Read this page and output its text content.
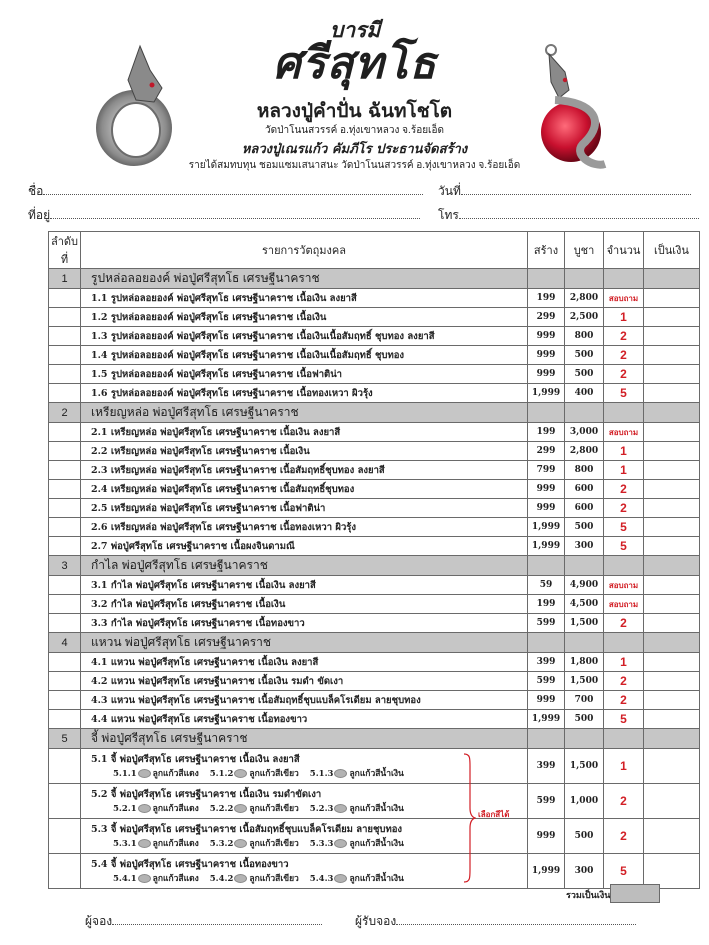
บารมี
ศรีสุทโธ
หลวงปู่คำปั่น ฉันทโชโต
วัดป่าโนนสวรรค์ อ.ทุ่งเขาหลวง จ.ร้อยเอ็ด
หลวงปู่เณรแก้ว คัมภีโร ประธานจัดสร้าง
รายได้สมทบทุน ชอมแซมเสนาสนะ วัดป่าโนนสวรรค์ อ.ทุ่งเขาหลวง จ.ร้อยเอ็ด
ชื่อ	วันที่
ที่อยู่	โทร
ลำดับที่	รายการวัตถุมงคล	สร้าง	บูชา	จำนวน	เป็นเงิน
1	รูปหล่อลอยองค์ พ่อปู่ศรีสุทโธ เศรษฐีนาคราช				
	1.1 รูปหล่อลอยองค์ พ่อปู่ศรีสุทโธ เศรษฐีนาคราช เนื้อเงิน ลงยาสี	199	2,800	สอบถาม	
	1.2 รูปหล่อลอยองค์ พ่อปู่ศรีสุทโธ เศรษฐีนาคราช เนื้อเงิน	299	2,500	1	
	1.3 รูปหล่อลอยองค์ พ่อปู่ศรีสุทโธ เศรษฐีนาคราช เนื้อเงินเนื้อสัมฤทธิ์ ชุบทอง ลงยาสี	999	800	2	
	1.4 รูปหล่อลอยองค์ พ่อปู่ศรีสุทโธ เศรษฐีนาคราช เนื้อเงินเนื้อสัมฤทธิ์ ชุบทอง	999	500	2	
	1.5 รูปหล่อลอยองค์ พ่อปู่ศรีสุทโธ เศรษฐีนาคราช เนื้อฟาติน่า	999	500	2	
	1.6 รูปหล่อลอยองค์ พ่อปู่ศรีสุทโธ เศรษฐีนาคราช เนื้อทองเหวา ผิวรุ้ง	1,999	400	5	
2	เหรียญหล่อ พ่อปู่ศรีสุทโธ เศรษฐีนาคราช				
	2.1 เหรียญหล่อ พ่อปู่ศรีสุทโธ เศรษฐีนาคราช เนื้อเงิน ลงยาสี	199	3,000	สอบถาม	
	2.2 เหรียญหล่อ พ่อปู่ศรีสุทโธ เศรษฐีนาคราช เนื้อเงิน	299	2,800	1	
	2.3 เหรียญหล่อ พ่อปู่ศรีสุทโธ เศรษฐีนาคราช เนื้อสัมฤทธิ์ชุบทอง ลงยาสี	799	800	1	
	2.4 เหรียญหล่อ พ่อปู่ศรีสุทโธ เศรษฐีนาคราช เนื้อสัมฤทธิ์ชุบทอง	999	600	2	
	2.5 เหรียญหล่อ พ่อปู่ศรีสุทโธ เศรษฐีนาคราช เนื้อฟาติน่า	999	600	2	
	2.6 เหรียญหล่อ พ่อปู่ศรีสุทโธ เศรษฐีนาคราช เนื้อทองเหวา ผิวรุ้ง	1,999	500	5	
	2.7 พ่อปู่ศรีสุทโธ เศรษฐีนาคราช เนื้อผงจินดามณี	1,999	300	5	
3	กำไล พ่อปู่ศรีสุทโธ เศรษฐีนาคราช				
	3.1 กำไล พ่อปู่ศรีสุทโธ เศรษฐีนาคราช เนื้อเงิน ลงยาสี	59	4,900	สอบถาม	
	3.2 กำไล พ่อปู่ศรีสุทโธ เศรษฐีนาคราช เนื้อเงิน	199	4,500	สอบถาม	
	3.3 กำไล พ่อปู่ศรีสุทโธ เศรษฐีนาคราช เนื้อทองขาว	599	1,500	2	
4	แหวน พ่อปู่ศรีสุทโธ เศรษฐีนาคราช				
	4.1 แหวน พ่อปู่ศรีสุทโธ เศรษฐีนาคราช เนื้อเงิน ลงยาสี	399	1,800	1	
	4.2 แหวน พ่อปู่ศรีสุทโธ เศรษฐีนาคราช เนื้อเงิน รมดำ ขัดเงา	599	1,500	2	
	4.3 แหวน พ่อปู่ศรีสุทโธ เศรษฐีนาคราช เนื้อสัมฤทธิ์ชุบแบล็คโรเดียม ลายชุบทอง	999	700	2	
	4.4 แหวน พ่อปู่ศรีสุทโธ เศรษฐีนาคราช เนื้อทองขาว	1,999	500	5	
5	จี้ พ่อปู่ศรีสุทโธ เศรษฐีนาคราช				
	5.1 จี้ พ่อปู่ศรีสุทโธ เศรษฐีนาคราช เนื้อเงิน ลงยาสี
5.1.1 ลูกแก้วสีแดง 5.1.2 ลูกแก้วสีเขียว 5.1.3 ลูกแก้วสีน้ำเงิน	399	1,500	1	
	5.2 จี้ พ่อปู่ศรีสุทโธ เศรษฐีนาคราช เนื้อเงิน รมดำขัดเงา
5.2.1 ลูกแก้วสีแดง 5.2.2 ลูกแก้วสีเขียว 5.2.3 ลูกแก้วสีน้ำเงิน	599	1,000	2	
	5.3 จี้ พ่อปู่ศรีสุทโธ เศรษฐีนาคราช เนื้อสัมฤทธิ์ชุบแบล็คโรเดียม ลายชุบทอง
5.3.1 ลูกแก้วสีแดง 5.3.2 ลูกแก้วสีเขียว 5.3.3 ลูกแก้วสีน้ำเงิน	999	500	2	
	5.4 จี้ พ่อปู่ศรีสุทโธ เศรษฐีนาคราช เนื้อทองขาว
5.4.1 ลูกแก้วสีแดง 5.4.2 ลูกแก้วสีเขียว 5.4.3 ลูกแก้วสีน้ำเงิน	1,999	300	5	
เลือกสีได้
รวมเป็นเงิน
ผู้จอง	ผู้รับจอง
